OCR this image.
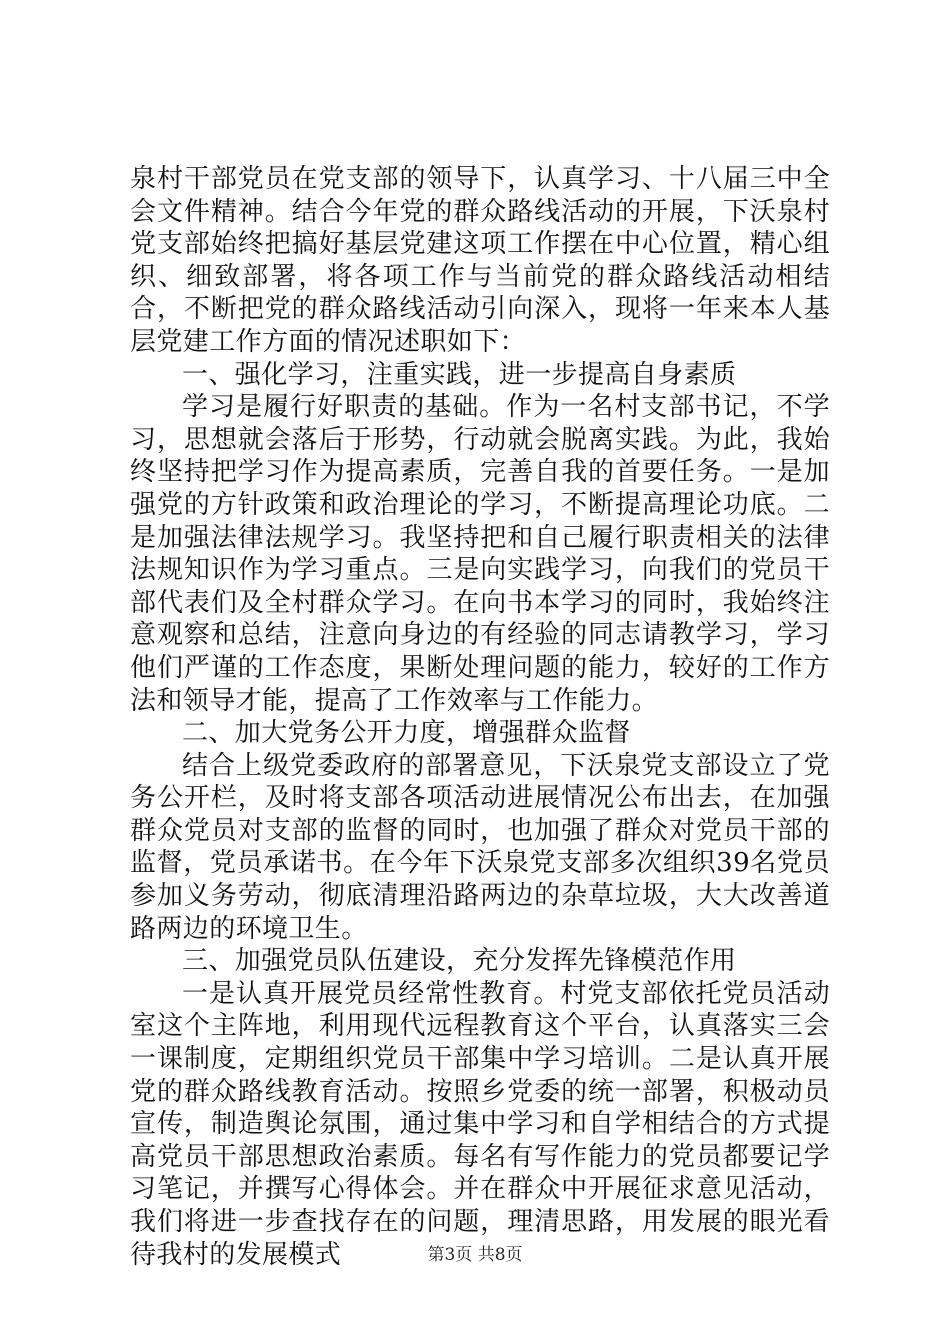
泉村干部党员在党支部的领导下，认真学习、十八届三中全会文件精神。结合今年党的群众路线活动的开展，下沃泉村党支部始终把搞好基层党建这项工作摆在中心位置，精心组织、细致部署，将各项工作与当前党的群众路线活动相结合，不断把党的群众路线活动引向深入，现将一年来本人基层党建工作方面的情况述职如下：

一、强化学习，注重实践，进一步提高自身素质

学习是履行好职责的基础。作为一名村支部书记，不学习，思想就会落后于形势，行动就会脱离实践。为此，我始终坚持把学习作为提高素质，完善自我的首要任务。一是加强党的方针政策和政治理论的学习，不断提高理论功底。二是加强法律法规学习。我坚持把和自己履行职责相关的法律法规知识作为学习重点。三是向实践学习，向我们的党员干部代表们及全村群众学习。在向书本学习的同时，我始终注意观察和总结，注意向身边的有经验的同志请教学习，学习他们严谨的工作态度，果断处理问题的能力，较好的工作方法和领导才能，提高了工作效率与工作能力。

二、加大党务公开力度，增强群众监督

结合上级党委政府的部署意见，下沃泉党支部设立了党务公开栏，及时将支部各项活动进展情况公布出去，在加强群众党员对支部的监督的同时，也加强了群众对党员干部的监督，党员承诺书。在今年下沃泉党支部多次组织39名党员参加义务劳动，彻底清理沿路两边的杂草垃圾，大大改善道路两边的环境卫生。

三、加强党员队伍建设，充分发挥先锋模范作用

一是认真开展党员经常性教育。村党支部依托党员活动室这个主阵地，利用现代远程教育这个平台，认真落实三会一课制度，定期组织党员干部集中学习培训。二是认真开展党的群众路线教育活动。按照乡党委的统一部署，积极动员宣传，制造舆论氛围，通过集中学习和自学相结合的方式提高党员干部思想政治素质。每名有写作能力的党员都要记学习笔记，并撰写心得体会。并在群众中开展征求意见活动，我们将进一步查找存在的问题，理清思路，用发展的眼光看待我村的发展模式	第3页 共8页
